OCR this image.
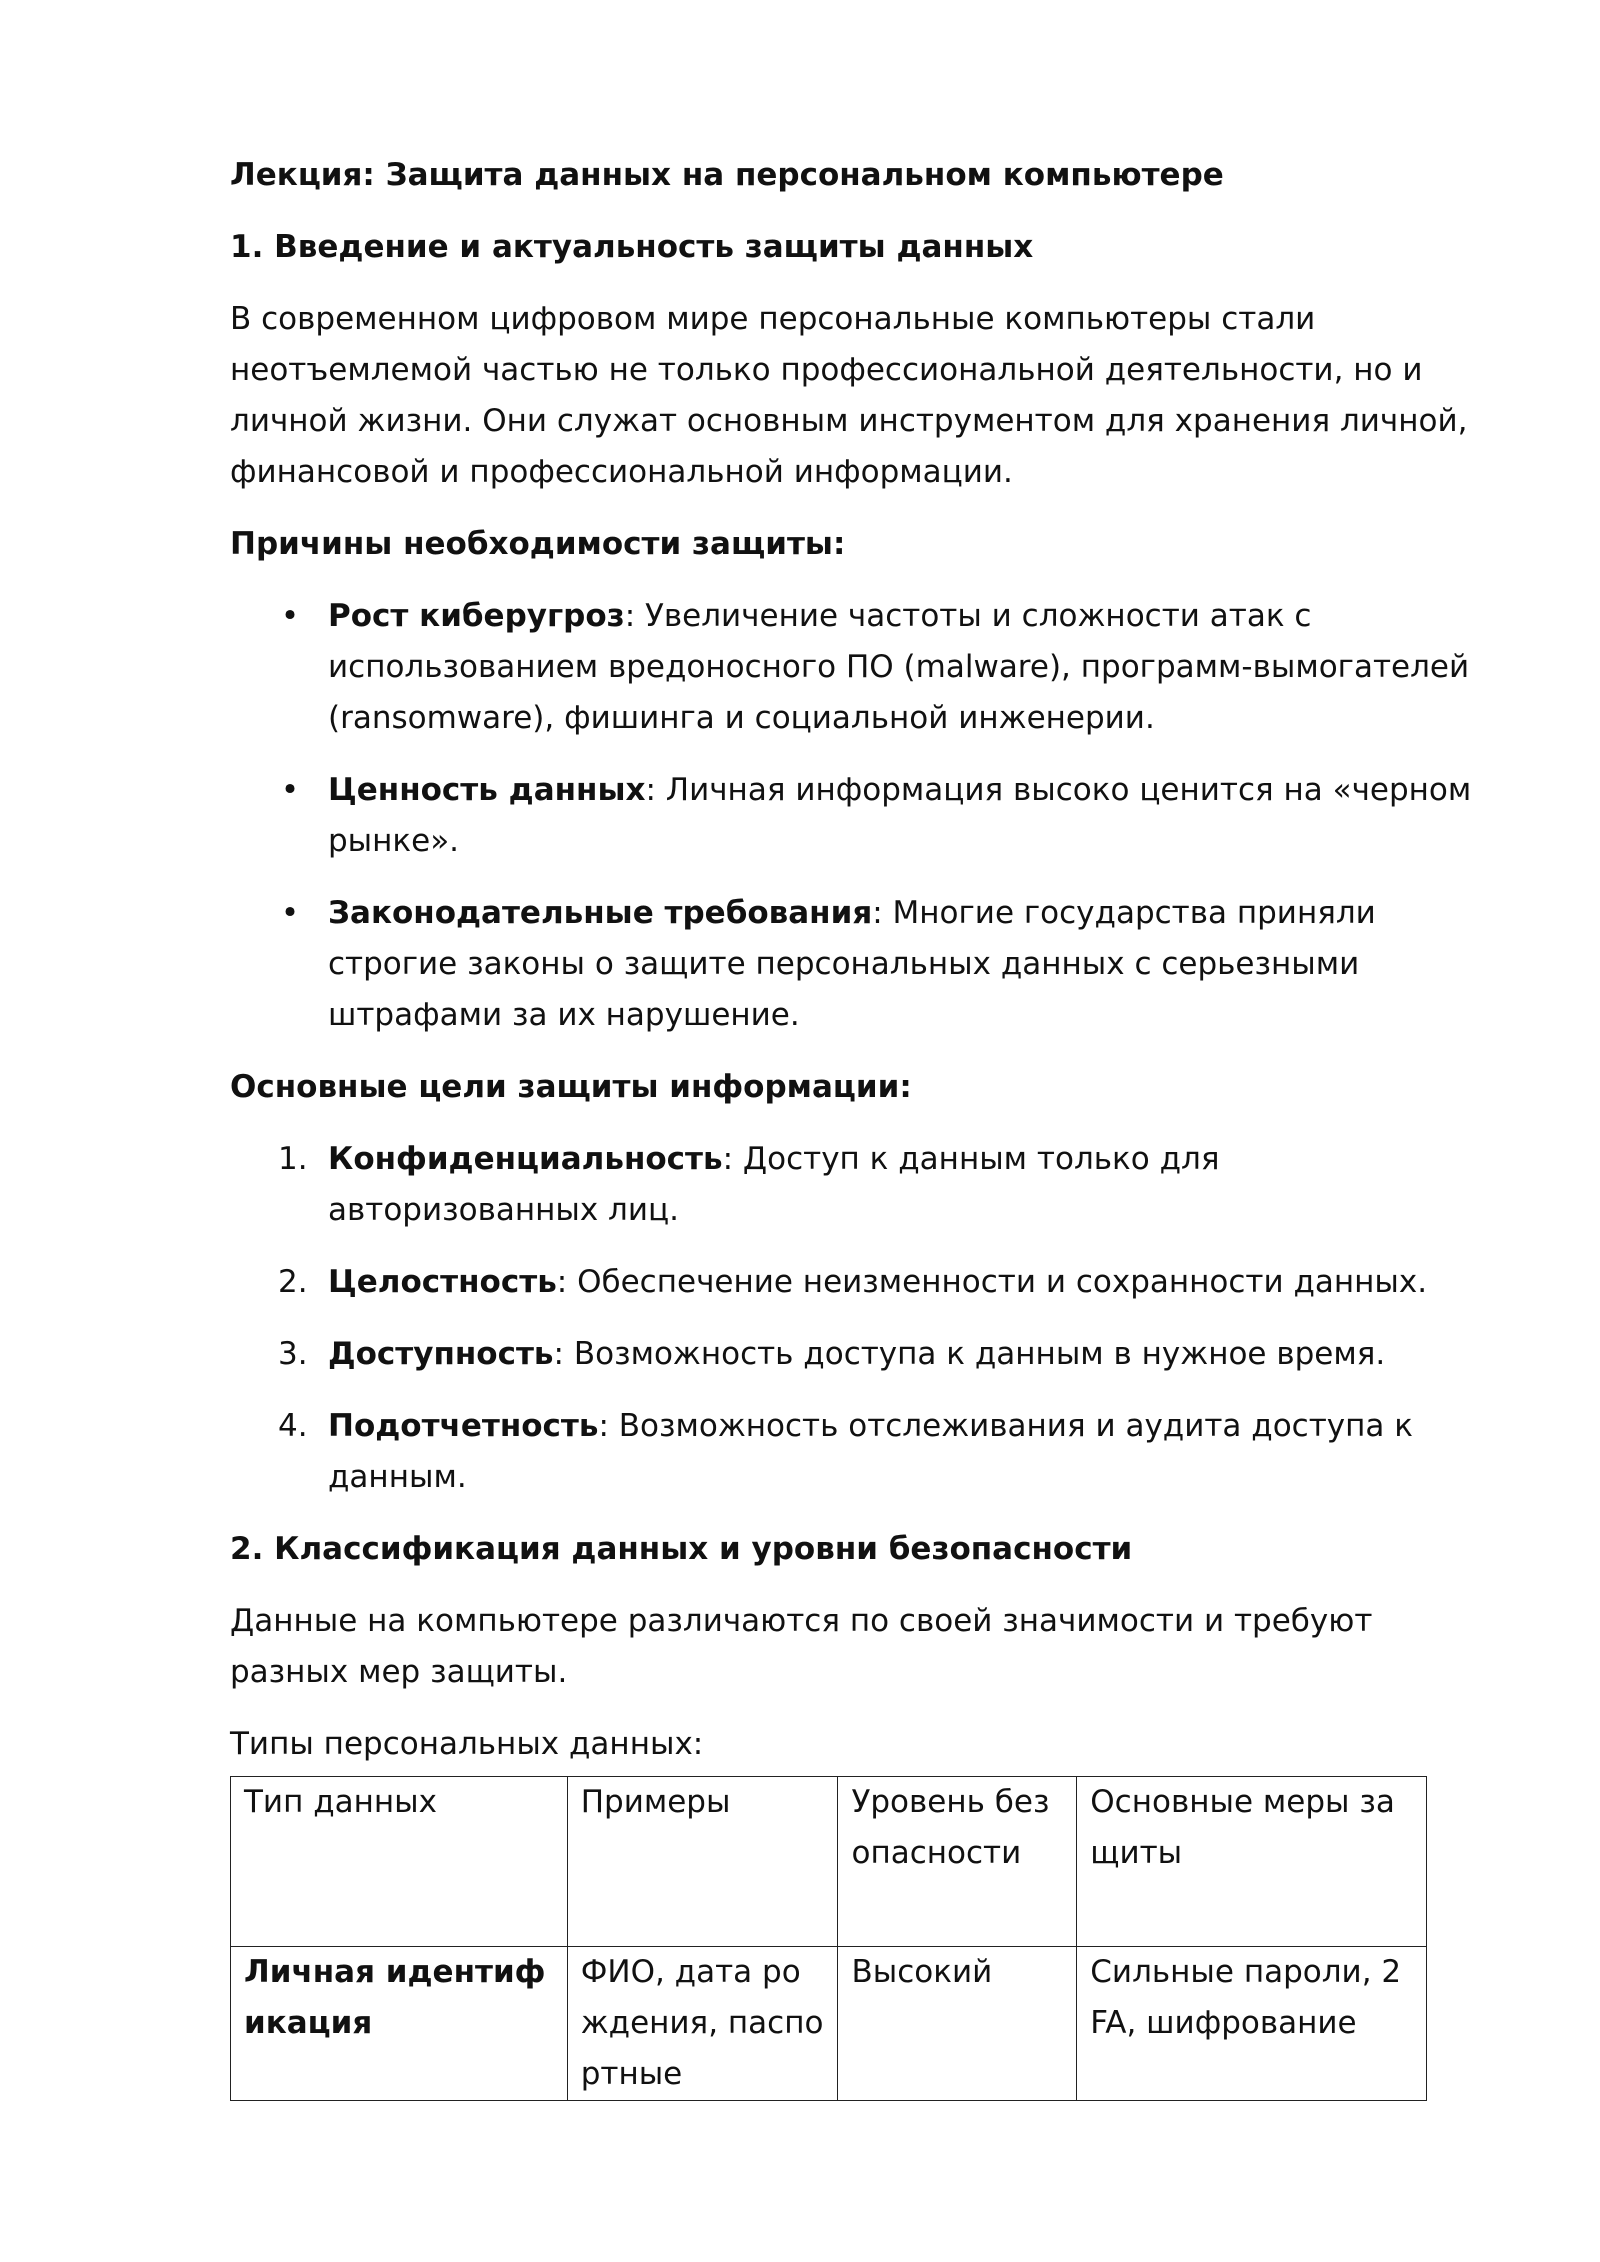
Лекция: Защита данных на персональном компьютере

1. Введение и актуальность защиты данных

В современном цифровом мире персональные компьютеры стали неотъемлемой частью не только профессиональной деятельности, но и личной жизни. Они служат основным инструментом для хранения личной, финансовой и профессиональной информации.

Причины необходимости защиты:

• Рост киберугроз: Увеличение частоты и сложности атак с использованием вредоносного ПО (malware), программ-вымогателей (ransomware), фишинга и социальной инженерии.
• Ценность данных: Личная информация высоко ценится на «черном рынке».
• Законодательные требования: Многие государства приняли строгие законы о защите персональных данных с серьезными штрафами за их нарушение.

Основные цели защиты информации:

1. Конфиденциальность: Доступ к данным только для авторизованных лиц.
2. Целостность: Обеспечение неизменности и сохранности данных.
3. Доступность: Возможность доступа к данным в нужное время.
4. Подотчетность: Возможность отслеживания и аудита доступа к данным.

2. Классификация данных и уровни безопасности

Данные на компьютере различаются по своей значимости и требуют разных мер защиты.

Типы персональных данных:

Тип данных	Примеры	Уровень безопасности	Основные меры защиты
Личная идентификация	ФИО, дата рождения, паспортные	Высокий	Сильные пароли, 2FA, шифрование
